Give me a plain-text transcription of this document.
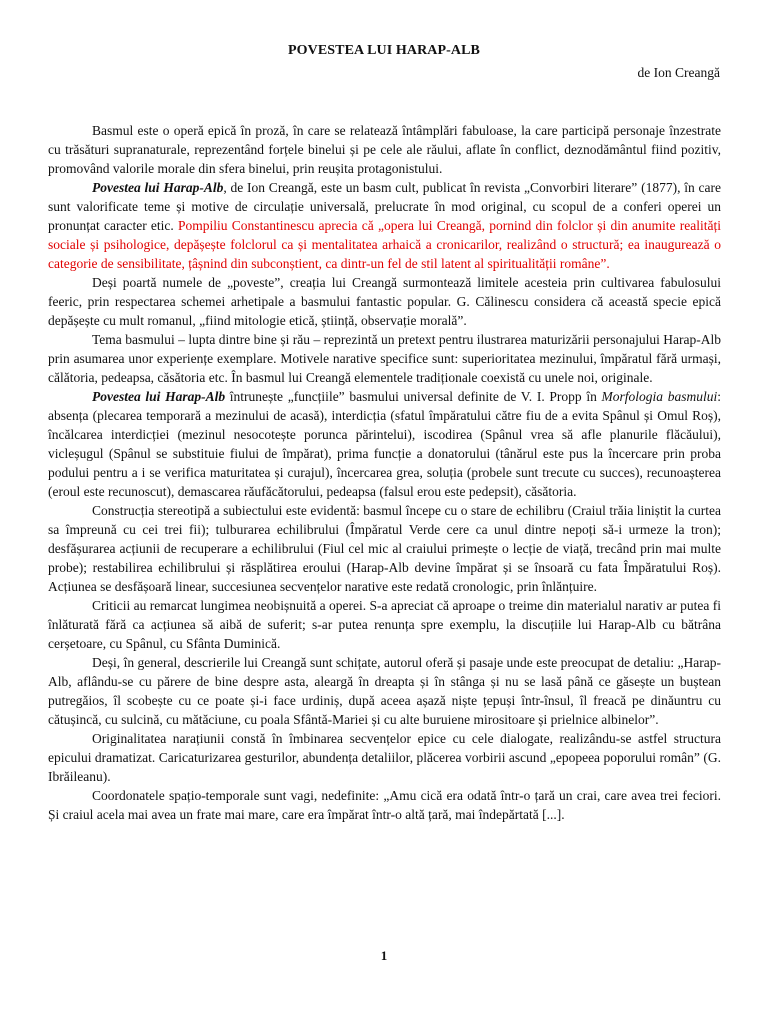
POVESTEA LUI HARAP-ALB
de Ion Creangă

Basmul este o operă epică în proză, în care se relatează întâmplări fabuloase, la care participă personaje înzestrate cu trăsături supranaturale, reprezentând forțele binelui și pe cele ale răului, aflate în conflict, deznodământul fiind pozitiv, promovând valorile morale din sfera binelui, prin reușita protagonistului.

Povestea lui Harap-Alb, de Ion Creangă, este un basm cult, publicat în revista „Convorbiri literare” (1877), în care sunt valorificate teme și motive de circulație universală, prelucrate în mod original, cu scopul de a conferi operei un pronunțat caracter etic. Pompiliu Constantinescu aprecia că „opera lui Creangă, pornind din folclor și din anumite realități sociale și psihologice, depășește folclorul ca și mentalitatea arhaică a cronicarilor, realizând o structură; ea inaugurează o categorie de sensibilitate, țâșnind din subconștient, ca dintr-un fel de stil latent al spiritualității române”.

Deși poartă numele de „poveste”, creația lui Creangă surmontează limitele acesteia prin cultivarea fabulosului feeric, prin respectarea schemei arhetipale a basmului fantastic popular. G. Călinescu considera că această specie epică depășește cu mult romanul, „fiind mitologie etică, știință, observație morală”.

Tema basmului – lupta dintre bine și rău – reprezintă un pretext pentru ilustrarea maturizării personajului Harap-Alb prin asumarea unor experiențe exemplare. Motivele narative specifice sunt: superioritatea mezinului, împăratul fără urmași, călătoria, pedeapsa, căsătoria etc. În basmul lui Creangă elementele tradiționale coexistă cu unele noi, originale.

Povestea lui Harap-Alb întrunește „funcțiile” basmului universal definite de V. I. Propp în Morfologia basmului: absența (plecarea temporară a mezinului de acasă), interdicția (sfatul împăratului către fiu de a evita Spânul și Omul Roș), încălcarea interdicției (mezinul nesocotește porunca părintelui), iscodirea (Spânul vrea să afle planurile flăcăului), vicleșugul (Spânul se substituie fiului de împărat), prima funcție a donatorului (tânărul este pus la încercare prin proba podului pentru a i se verifica maturitatea și curajul), încercarea grea, soluția (probele sunt trecute cu succes), recunoașterea (eroul este recunoscut), demascarea răufăcătorului, pedeapsa (falsul erou este pedepsit), căsătoria.

Construcția stereotipă a subiectului este evidentă: basmul începe cu o stare de echilibru (Craiul trăia liniștit la curtea sa împreună cu cei trei fii); tulburarea echilibrului (Împăratul Verde cere ca unul dintre nepoți să-i urmeze la tron); desfășurarea acțiunii de recuperare a echilibrului (Fiul cel mic al craiului primește o lecție de viață, trecând prin mai multe probe); restabilirea echilibrului și răsplătirea eroului (Harap-Alb devine împărat și se însoară cu fata Împăratului Roș). Acțiunea se desfășoară linear, succesiunea secvențelor narative este redată cronologic, prin înlănțuire.

Criticii au remarcat lungimea neobișnuită a operei. S-a apreciat că aproape o treime din materialul narativ ar putea fi înlăturată fără ca acțiunea să aibă de suferit; s-ar putea renunța spre exemplu, la discuțiile lui Harap-Alb cu bătrâna cerșetoare, cu Spânul, cu Sfânta Duminică.

Deși, în general, descrierile lui Creangă sunt schițate, autorul oferă și pasaje unde este preocupat de detaliu: „Harap-Alb, aflându-se cu părere de bine despre asta, aleargă în dreapta și în stânga și nu se lasă până ce găsește un buștean putregăios, îl scobește cu ce poate și-i face urdiniș, după aceea așază niște țepuși într-însul, îl freacă pe dinăuntru cu cătușincă, cu sulcină, cu mătăciune, cu poala Sfântă-Mariei și cu alte buruiene mirositoare și prielnice albinelor”.

Originalitatea narațiunii constă în îmbinarea secvențelor epice cu cele dialogate, realizându-se astfel structura epicului dramatizat. Caricaturizarea gesturilor, abundența detaliilor, plăcerea vorbirii ascund „epopeea poporului român” (G. Ibrăileanu).

Coordonatele spațio-temporale sunt vagi, nedefinite: „Amu cică era odată într-o țară un crai, care avea trei feciori. Și craiul acela mai avea un frate mai mare, care era împărat într-o altă țară, mai îndepărtată [...].

1
